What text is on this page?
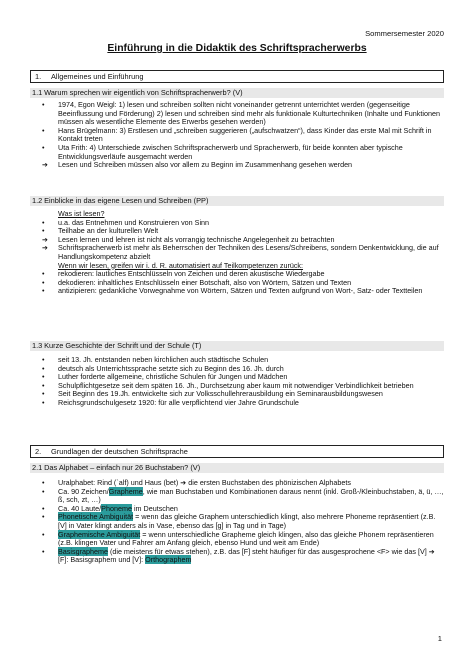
Sommersemester 2020
Einführung in die Didaktik des Schriftspracherwerbs
1. Allgemeines und Einführung
1.1 Warum sprechen wir eigentlich von Schriftspracherwerb? (V)
•	1974, Egon Weigl: 1) lesen und schreiben sollten nicht voneinander getrennt unterrichtet werden (gegenseitige Beeinflussung und Förderung) 2) lesen und schreiben sind mehr als funktionale Kulturtechniken (Inhalte und Funktionen müssen als wesentliche Elemente des Erwerbs gesehen werden)
•	Hans Brügelmann: 3) Erstlesen und „schreiben suggerieren („aufschwatzen“), dass Kinder das erste Mal mit Schrift in Kontakt treten
•	Uta Frith: 4) Unterschiede zwischen Schriftspracherwerb und Spracherwerb, für beide konnten aber typische Entwicklungsverläufe ausgemacht werden
➔	Lesen und Schreiben müssen also vor allem zu Beginn im Zusammenhang gesehen werden
1.2 Einblicke in das eigene Lesen und Schreiben (PP)
Was ist lesen?
•	u.a. das Entnehmen und Konstruieren von Sinn
•	Teilhabe an der kulturellen Welt
➔	Lesen lernen und lehren ist nicht als vorrangig technische Angelegenheit zu betrachten
➔	Schriftspracherwerb ist mehr als Beherrschen der Techniken des Lesens/Schreibens, sondern Denkentwicklung, die auf Handlungskompetenz abzielt
Wenn wir lesen, greifen wir i. d. R. automatisiert auf Teilkompetenzen zurück:
•	rekodieren: lautliches Entschlüsseln von Zeichen und deren akustische Wiedergabe
•	dekodieren: inhaltliches Entschlüsseln einer Botschaft, also von Wörtern, Sätzen und Texten
•	antizipieren: gedankliche Vorwegnahme von Wörtern, Sätzen und Texten aufgrund von Wort-, Satz- oder Textteilen
1.3 Kurze Geschichte der Schrift und der Schule (T)
•	seit 13. Jh. entstanden neben kirchlichen auch städtische Schulen
•	deutsch als Unterrichtssprache setzte sich zu Beginn des 16. Jh. durch
•	Luther forderte allgemeine, christliche Schulen für Jungen und Mädchen
•	Schulpflichtgesetze seit dem späten 16. Jh., Durchsetzung aber kaum mit notwendiger Verbindlichkeit betrieben
•	Seit Beginn des 19.Jh. entwickelte sich zur Volksschullehrerausbildung ein Seminarausbildungswesen
•	Reichsgrundschulgesetz 1920: für alle verpflichtend vier Jahre Grundschule
2. Grundlagen der deutschen Schriftsprache
2.1 Das Alphabet – einfach nur 26 Buchstaben? (V)
•	Uralphabet: Rind (`alf) und Haus (bet) ➔ die ersten Buchstaben des phönizischen Alphabets
•	Ca. 90 Zeichen/Grapheme, wie man Buchstaben und Kombinationen daraus nennt (inkl. Groß-/Kleinbuchstaben, ä, ü, …, ß, sch, zt, …)
•	Ca. 40 Laute/Phoneme im Deutschen
•	Phonetische Ambiguität = wenn das gleiche Graphem unterschiedlich klingt, also mehrere Phoneme repräsentiert (z.B. [V] in Vater klingt anders als in Vase, ebenso das [g] in Tag und in Tage)
•	Graphemische Ambiguität = wenn unterschiedliche Grapheme gleich klingen, also das gleiche Phonem repräsentieren (z.B. klingen Vater und Fahrer am Anfang gleich, ebenso Hund und weit am Ende)
•	Basisgrapheme (die meistens für etwas stehen), z.B. das [F] steht häufiger für das ausgesprochene <F> wie das [V] ➔ [F]: Basisgraphem und [V]: Orthographem
1
